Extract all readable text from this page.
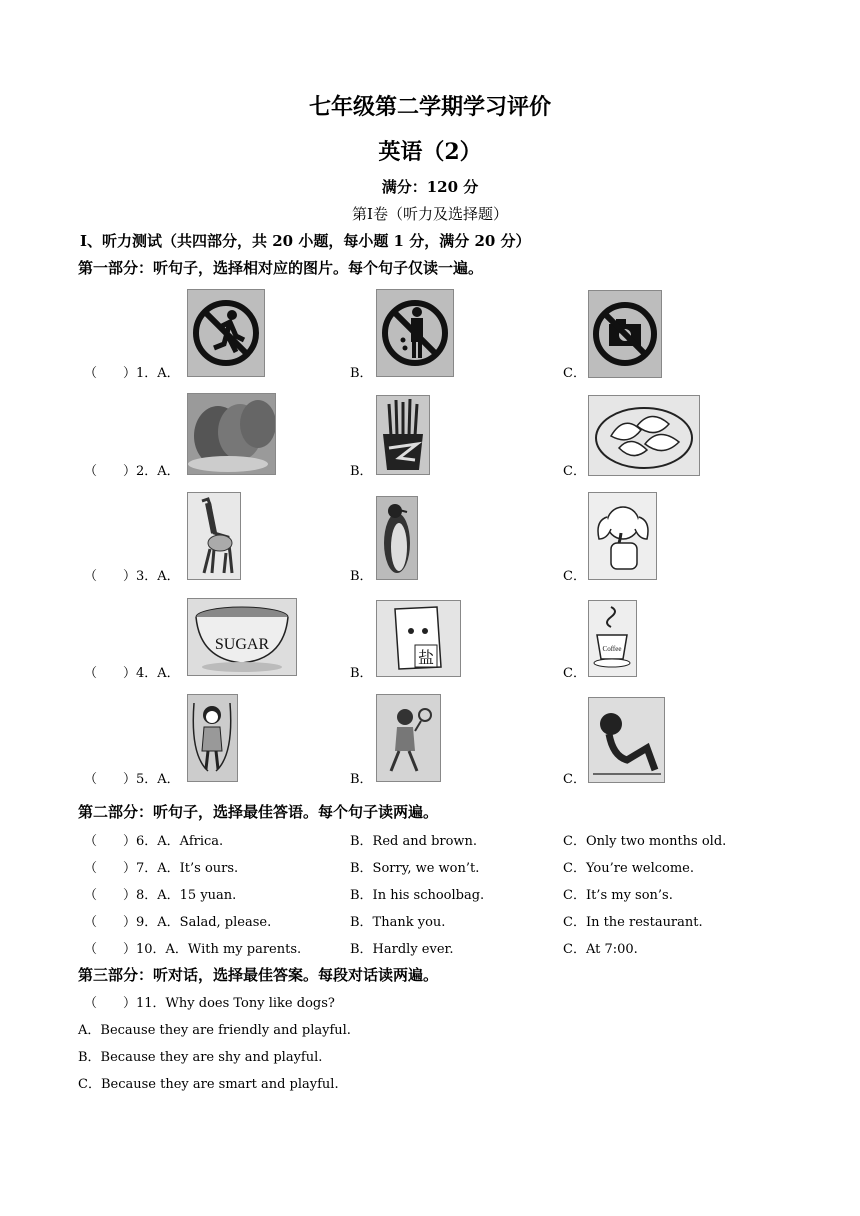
七年级第二学期学习评价
英语（2）
满分：120 分
第Ⅰ卷（听力及选择题）
Ⅰ、听力测试（共四部分，共 20 小题，每小题 1 分，满分 20 分）
第一部分：听句子，选择相对应的图片。每个句子仅读一遍。
（　　）1．A．	B．	C．
（　　）2．A．	B．	C．
（　　）3．A．	B．	C．
（　　）4．A．	B．	C．
（　　）5．A．	B．	C．
SUGAR
盐	Coffee
第二部分：听句子，选择最佳答语。每个句子读两遍。
（　　）6．A．Africa.	B．Red and brown.	C．Only two months old.
（　　）7．A．It’s ours.	B．Sorry, we won’t.	C．You’re welcome.
（　　）8．A．15 yuan.	B．In his schoolbag.	C．It’s my son’s.
（　　）9．A．Salad, please.	B．Thank you.	C．In the restaurant.
（　　）10．A．With my parents.	B．Hardly ever.	C．At 7:00.
第三部分：听对话，选择最佳答案。每段对话读两遍。
（　　）11．Why does Tony like dogs?
A．Because they are friendly and playful.
B．Because they are shy and playful.
C．Because they are smart and playful.
